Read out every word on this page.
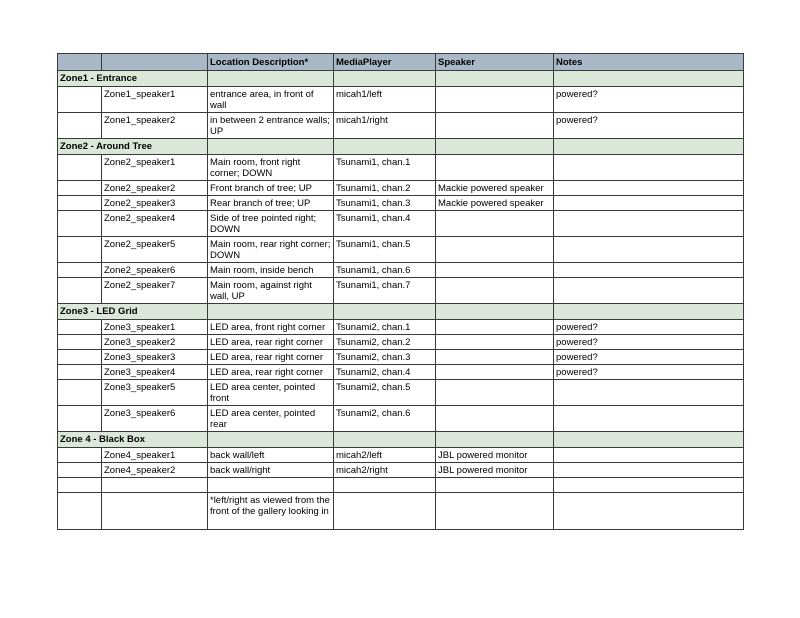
		Location Description*	MediaPlayer	Speaker	Notes
Zone1 - Entrance					
	Zone1_speaker1	entrance area, in front of wall	micah1/left		powered?
	Zone1_speaker2	in between 2 entrance walls; UP	micah1/right		powered?
Zone2 - Around Tree					
	Zone2_speaker1	Main room, front right corner; DOWN	Tsunami1, chan.1		
	Zone2_speaker2	Front branch of tree; UP	Tsunami1, chan.2	Mackie powered speaker	
	Zone2_speaker3	Rear branch of tree; UP	Tsunami1, chan.3	Mackie powered speaker	
	Zone2_speaker4	Side of tree pointed right; DOWN	Tsunami1, chan.4		
	Zone2_speaker5	Main room, rear right corner; DOWN	Tsunami1, chan.5		
	Zone2_speaker6	Main room, inside bench	Tsunami1, chan.6		
	Zone2_speaker7	Main room, against right wall, UP	Tsunami1, chan.7		
Zone3 - LED Grid					
	Zone3_speaker1	LED area, front right corner	Tsunami2, chan.1		powered?
	Zone3_speaker2	LED area, rear right corner	Tsunami2, chan.2		powered?
	Zone3_speaker3	LED area, rear right corner	Tsunami2, chan.3		powered?
	Zone3_speaker4	LED area, rear right corner	Tsunami2, chan.4		powered?
	Zone3_speaker5	LED area center, pointed front	Tsunami2, chan.5		
	Zone3_speaker6	LED area center, pointed rear	Tsunami2, chan.6		
Zone 4 - Black Box					
	Zone4_speaker1	back wall/left	micah2/left	JBL powered monitor	
	Zone4_speaker2	back wall/right	micah2/right	JBL powered monitor	

		*left/right as viewed from the front of the gallery looking in			
